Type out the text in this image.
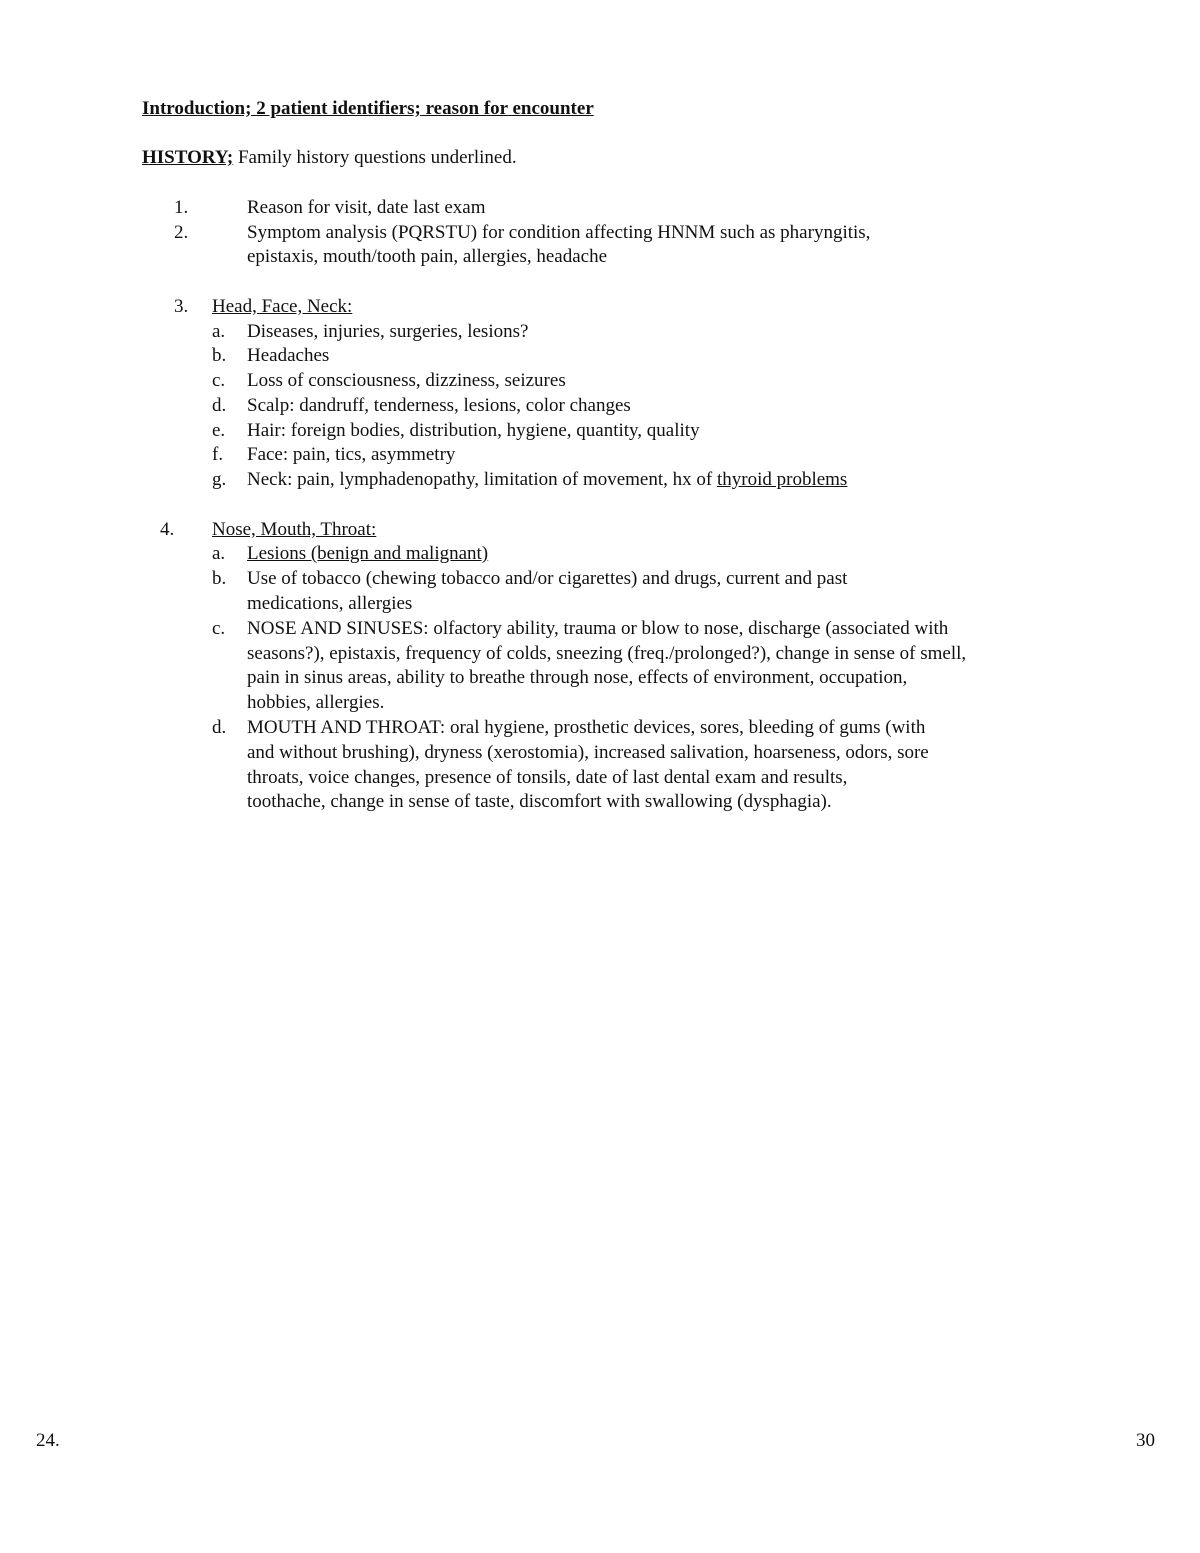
Introduction; 2 patient identifiers; reason for encounter
HISTORY; Family history questions underlined.
1.	Reason for visit, date last exam
2.	Symptom analysis (PQRSTU) for condition affecting HNNM such as pharyngitis,
epistaxis, mouth/tooth pain, allergies, headache
3. Head, Face, Neck:
a. Diseases, injuries, surgeries, lesions?
b. Headaches
c. Loss of consciousness, dizziness, seizures
d. Scalp: dandruff, tenderness, lesions, color changes
e. Hair: foreign bodies, distribution, hygiene, quantity, quality
f. Face: pain, tics, asymmetry
g. Neck: pain, lymphadenopathy, limitation of movement, hx of thyroid problems
4. Nose, Mouth, Throat:
a. Lesions (benign and malignant)
b. Use of tobacco (chewing tobacco and/or cigarettes) and drugs, current and past
medications, allergies
c. NOSE AND SINUSES: olfactory ability, trauma or blow to nose, discharge (associated with
seasons?), epistaxis, frequency of colds, sneezing (freq./prolonged?), change in sense of smell,
pain in sinus areas, ability to breathe through nose, effects of environment, occupation,
hobbies, allergies.
d. MOUTH AND THROAT: oral hygiene, prosthetic devices, sores, bleeding of gums (with
and without brushing), dryness (xerostomia), increased salivation, hoarseness, odors, sore
throats, voice changes, presence of tonsils, date of last dental exam and results,
toothache, change in sense of taste, discomfort with swallowing (dysphagia).
24.	30
